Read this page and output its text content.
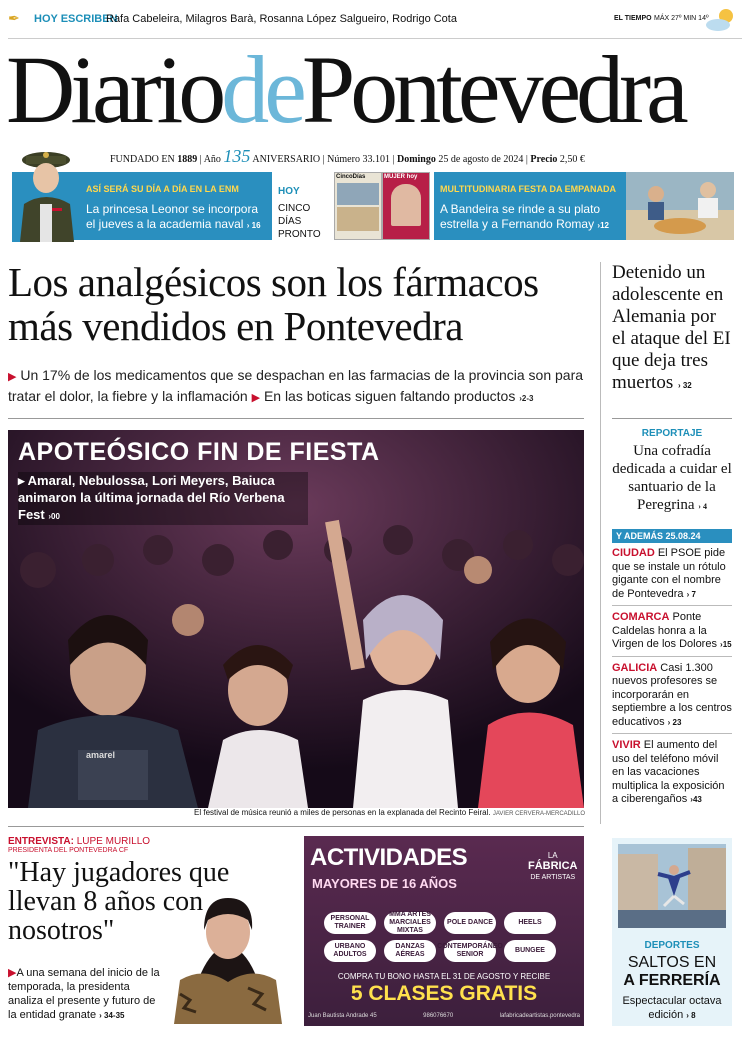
✒ HOY ESCRIBEN
Rafa Cabeleira, Milagros Barà, Rosanna López Salgueiro, Rodrigo Cota	EL TIEMPO MÁX 27º MIN 14º
DiariodePontevedra
FUNDADO EN 1889 | Año 135 ANIVERSARIO | Número 33.101 | Domingo 25 de agosto de 2024 | Precio 2,50 €
ASÍ SERÁ SU DÍA A DÍA EN LA ENM
La princesa Leonor se incorpora el jueves a la academia naval › 16
HOY
CINCO DÍAS PRONTO
CincoDías	MUJER hoy
MULTITUDINARIA FESTA DA EMPANADA
A Bandeira se rinde a su plato estrella y a Fernando Romay ›12
Los analgésicos son los fármacos más vendidos en Pontevedra
▶ Un 17% de los medicamentos que se despachan en las farmacias de la provincia son para tratar el dolor, la fiebre y la inflamación ▶ En las boticas siguen faltando productos ›2-3
APOTEÓSICO FIN DE FIESTA
▸ Amaral, Nebulossa, Lori Meyers, Baiuca animaron la última jornada del Río Verbena Fest ›00
amarel
El festival de música reunió a miles de personas en la explanada del Recinto Feiral. JAVIER CERVERA-MERCADILLO
Detenido un adolescente en Alemania por el ataque del EI que deja tres muertos › 32
REPORTAJE
Una cofradía dedicada a cuidar el santuario de la Peregrina › 4
Y ADEMÁS 25.08.24
CIUDAD El PSOE pide que se instale un rótulo gigante con el nombre de Pontevedra › 7
COMARCA Ponte Caldelas honra a la Virgen de los Dolores ›15
GALICIA Casi 1.300 nuevos profesores se incorporarán en septiembre a los centros educativos › 23
VIVIR El aumento del uso del teléfono móvil en las vacaciones multiplica la exposición a ciberengaños ›43
ENTREVISTA: LUPE MURILLO
PRESIDENTA DEL PONTEVEDRA CF
"Hay jugadores que llevan 8 años con nosotros"
▶A una semana del inicio de la temporada, la presidenta analiza el presente y futuro de la entidad granate › 34-35
ACTIVIDADES
MAYORES DE 16 AÑOS
LA
FÁBRICA
DE ARTISTAS
PERSONAL TRAINER
MMA ARTES MARCIALES MIXTAS
POLE DANCE	HEELS
URBANO ADULTOS
DANZAS AÉREAS
CONTEMPORÁNEO SENIOR
BUNGEE
COMPRA TU BONO HASTA EL 31 DE AGOSTO Y RECIBE
5 CLASES GRATIS
Juan Bautista Andrade 45	986076670	lafabricadeartistas.pontevedra
DEPORTES
SALTOS EN
A FERRERÍA
Espectacular octava edición › 8
